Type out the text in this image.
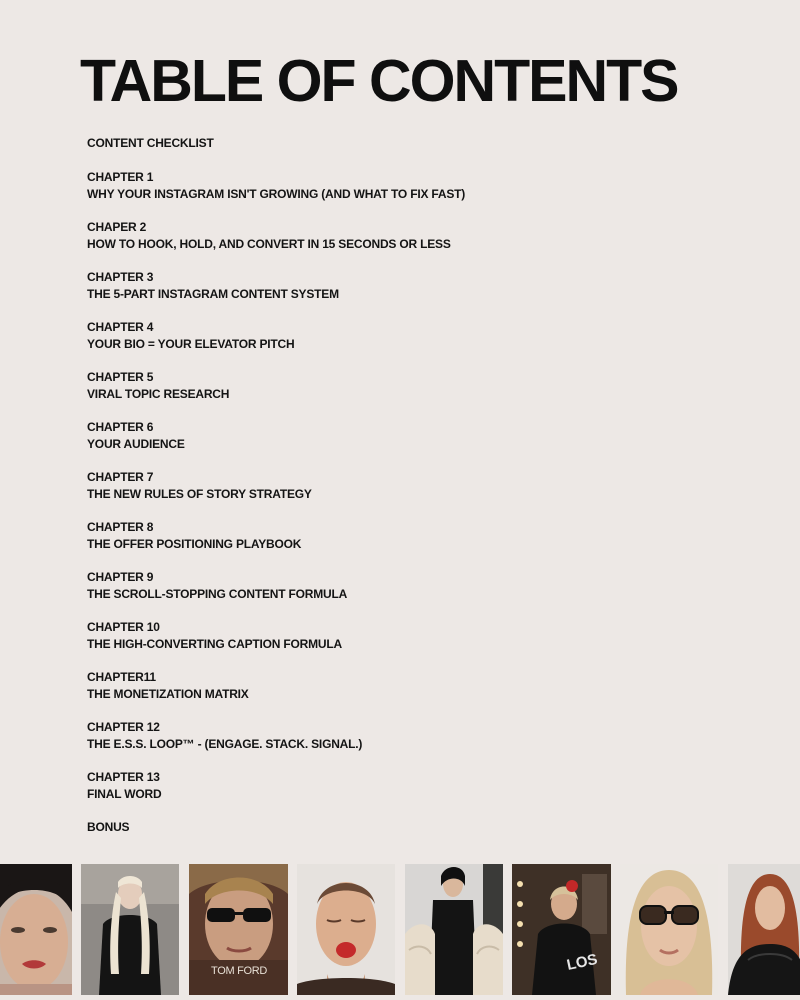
TABLE OF CONTENTS
CONTENT CHECKLIST
CHAPTER 1
WHY YOUR INSTAGRAM ISN'T GROWING (AND WHAT TO FIX FAST)
CHAPER 2
HOW TO HOOK, HOLD, AND CONVERT IN 15 SECONDS OR LESS
CHAPTER 3
THE 5-PART INSTAGRAM CONTENT SYSTEM
CHAPTER 4
YOUR BIO = YOUR ELEVATOR PITCH
CHAPTER 5
VIRAL TOPIC RESEARCH
CHAPTER 6
YOUR AUDIENCE
CHAPTER 7
THE NEW RULES OF STORY STRATEGY
CHAPTER 8
THE OFFER POSITIONING PLAYBOOK
CHAPTER 9
THE SCROLL-STOPPING CONTENT FORMULA
CHAPTER 10
THE HIGH-CONVERTING CAPTION FORMULA
CHAPTER11
THE MONETIZATION MATRIX
CHAPTER 12
THE E.S.S. LOOP™ - (ENGAGE. STACK. SIGNAL.)
CHAPTER 13
FINAL WORD
BONUS
TOM FORD	LOS
